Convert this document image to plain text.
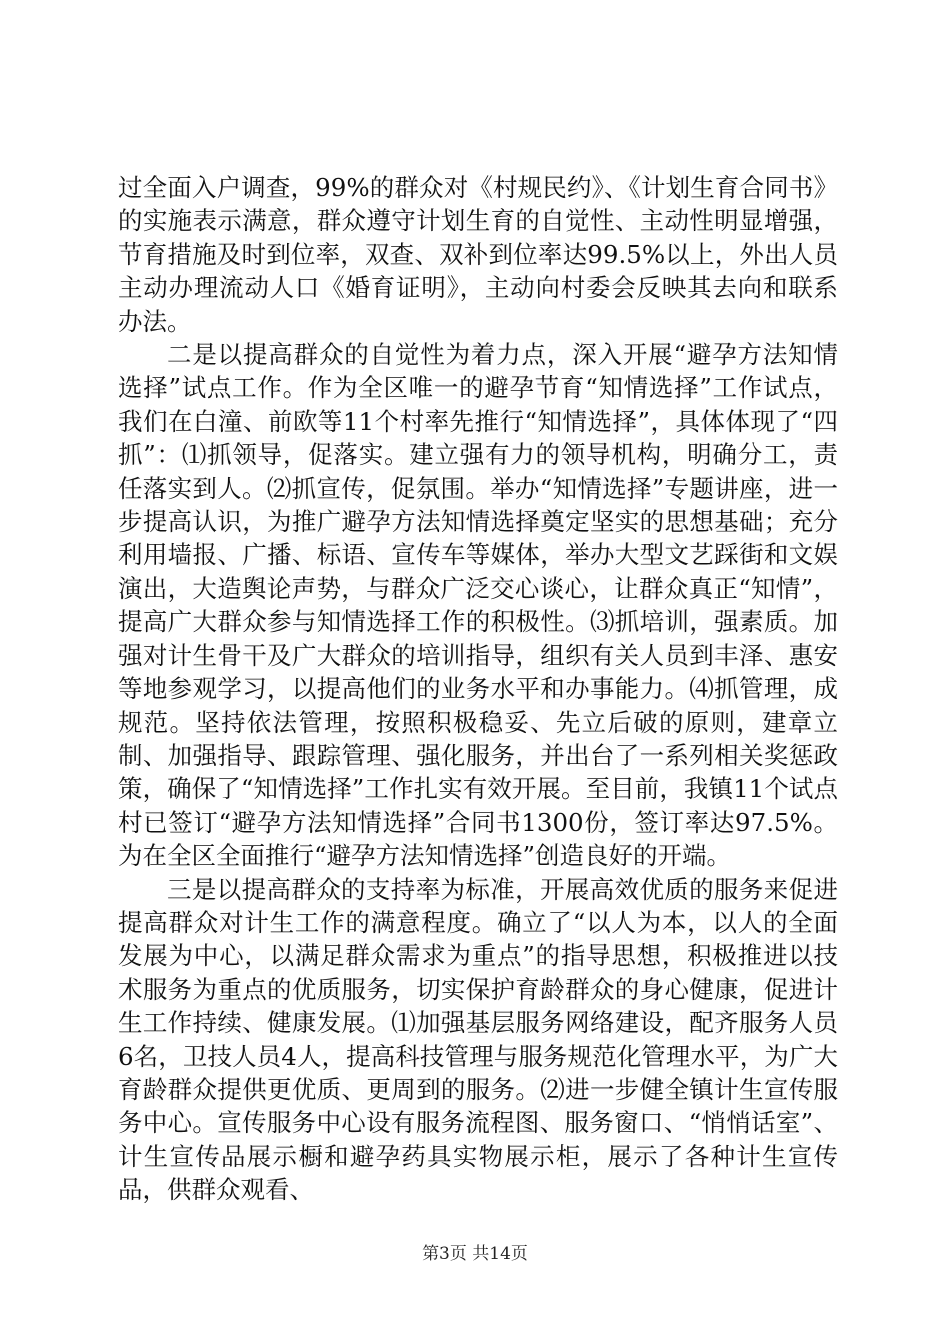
过全面入户调查，99%的群众对《村规民约》、《计划生育合同书》的实施表示满意，群众遵守计划生育的自觉性、主动性明显增强，节育措施及时到位率，双查、双补到位率达99.5%以上，外出人员主动办理流动人口《婚育证明》，主动向村委会反映其去向和联系办法。

二是以提高群众的自觉性为着力点，深入开展“避孕方法知情选择”试点工作。作为全区唯一的避孕节育“知情选择”工作试点，我们在白潼、前欧等11个村率先推行“知情选择”，具体体现了“四抓”：⑴抓领导，促落实。建立强有力的领导机构，明确分工，责任落实到人。⑵抓宣传，促氛围。举办“知情选择”专题讲座，进一步提高认识，为推广避孕方法知情选择奠定坚实的思想基础；充分利用墙报、广播、标语、宣传车等媒体，举办大型文艺踩街和文娱演出，大造舆论声势，与群众广泛交心谈心，让群众真正“知情”，提高广大群众参与知情选择工作的积极性。⑶抓培训，强素质。加强对计生骨干及广大群众的培训指导，组织有关人员到丰泽、惠安等地参观学习，以提高他们的业务水平和办事能力。⑷抓管理，成规范。坚持依法管理，按照积极稳妥、先立后破的原则，建章立制、加强指导、跟踪管理、强化服务，并出台了一系列相关奖惩政策，确保了“知情选择”工作扎实有效开展。至目前，我镇11个试点村已签订“避孕方法知情选择”合同书1300份，签订率达97.5%。为在全区全面推行“避孕方法知情选择”创造良好的开端。

三是以提高群众的支持率为标准，开展高效优质的服务来促进提高群众对计生工作的满意程度。确立了“以人为本，以人的全面发展为中心，以满足群众需求为重点”的指导思想，积极推进以技术服务为重点的优质服务，切实保护育龄群众的身心健康，促进计生工作持续、健康发展。⑴加强基层服务网络建设，配齐服务人员6名，卫技人员4人，提高科技管理与服务规范化管理水平，为广大育龄群众提供更优质、更周到的服务。⑵进一步健全镇计生宣传服务中心。宣传服务中心设有服务流程图、服务窗口、“悄悄话室”、计生宣传品展示橱和避孕药具实物展示柜，展示了各种计生宣传品，供群众观看、

第3页 共14页
